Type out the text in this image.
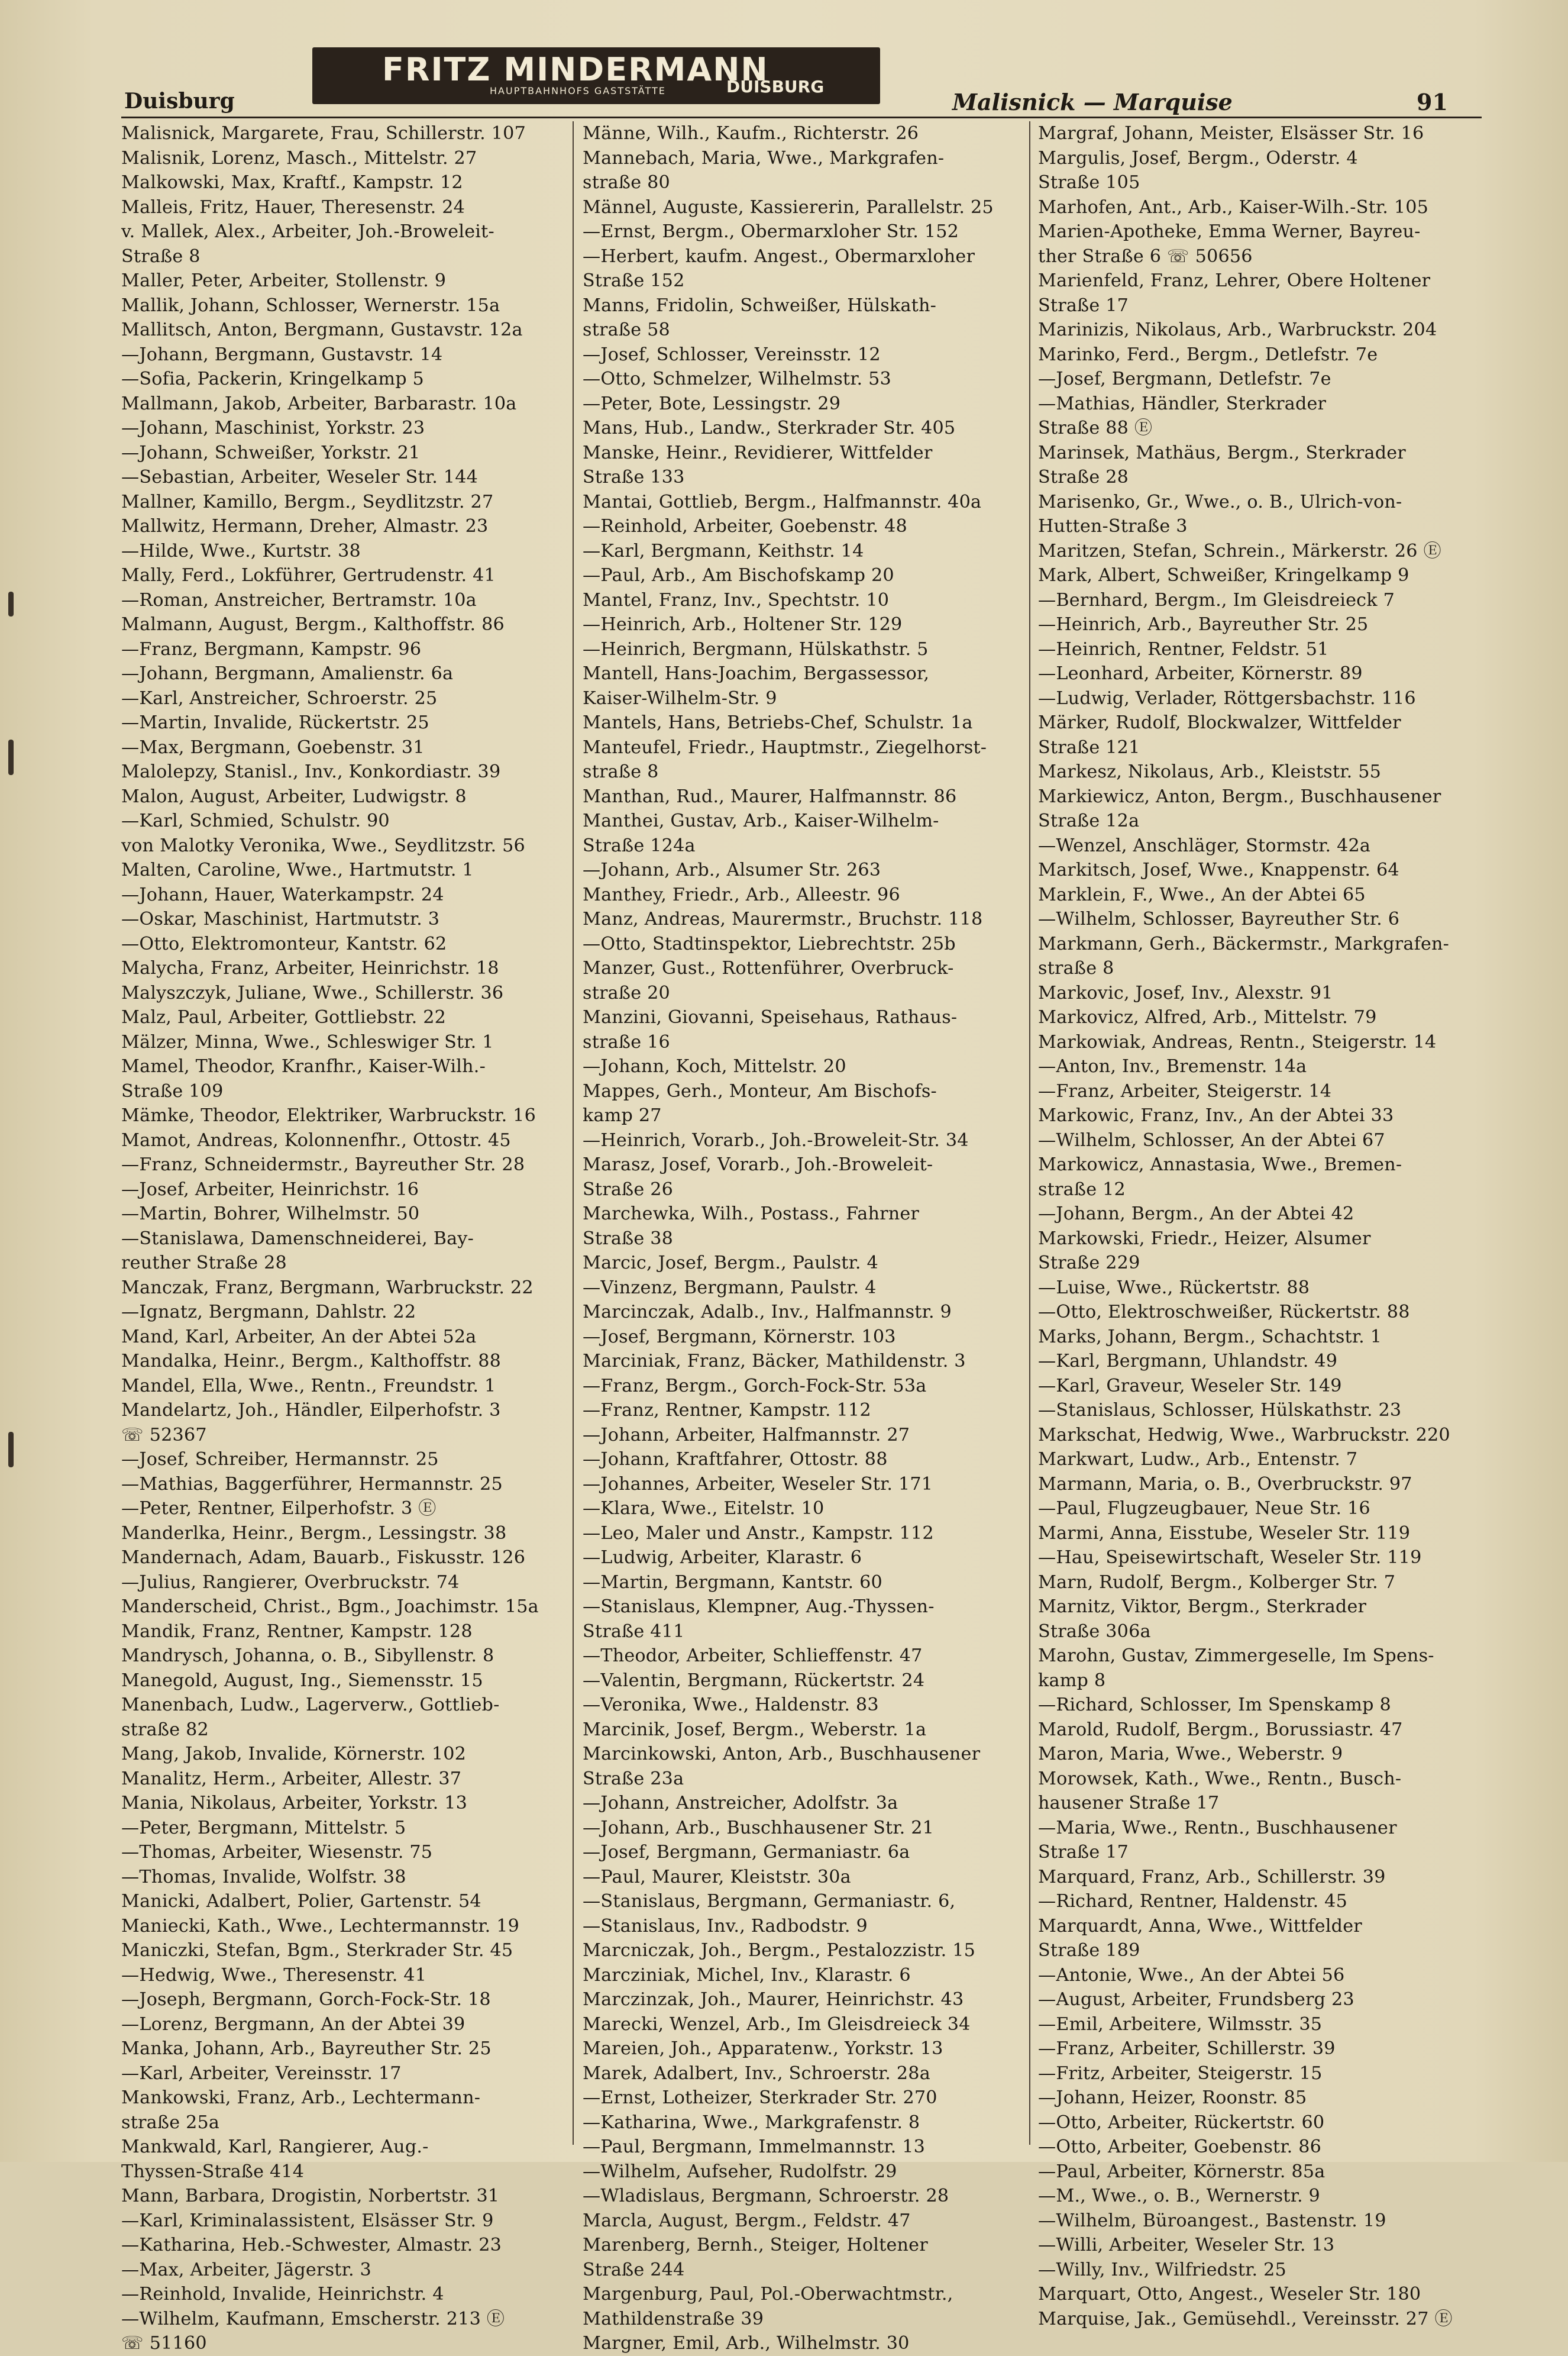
Duisburg
FRITZ MINDERMANN
HAUPTBAHNHOFS GASTSTÄTTE	DUISBURG
Malisnick — Marquise	91

Malisnick, Margarete, Frau, Schillerstr. 107

Malisnik, Lorenz, Masch., Mittelstr. 27

Malkowski, Max, Kraftf., Kampstr. 12

Malleis, Fritz, Hauer, Theresenstr. 24

v. Mallek, Alex., Arbeiter, Joh.-Broweleit-

Straße 8

Maller, Peter, Arbeiter, Stollenstr. 9

Mallik, Johann, Schlosser, Wernerstr. 15a

Mallitsch, Anton, Bergmann, Gustavstr. 12a

—Johann, Bergmann, Gustavstr. 14

—Sofia, Packerin, Kringelkamp 5

Mallmann, Jakob, Arbeiter, Barbarastr. 10a

—Johann, Maschinist, Yorkstr. 23

—Johann, Schweißer, Yorkstr. 21

—Sebastian, Arbeiter, Weseler Str. 144

Mallner, Kamillo, Bergm., Seydlitzstr. 27

Mallwitz, Hermann, Dreher, Almastr. 23

—Hilde, Wwe., Kurtstr. 38

Mally, Ferd., Lokführer, Gertrudenstr. 41

—Roman, Anstreicher, Bertramstr. 10a

Malmann, August, Bergm., Kalthoffstr. 86

—Franz, Bergmann, Kampstr. 96

—Johann, Bergmann, Amalienstr. 6a

—Karl, Anstreicher, Schroerstr. 25

—Martin, Invalide, Rückertstr. 25

—Max, Bergmann, Goebenstr. 31

Malolepzy, Stanisl., Inv., Konkordiastr. 39

Malon, August, Arbeiter, Ludwigstr. 8

—Karl, Schmied, Schulstr. 90

von Malotky Veronika, Wwe., Seydlitzstr. 56

Malten, Caroline, Wwe., Hartmutstr. 1

—Johann, Hauer, Waterkampstr. 24

—Oskar, Maschinist, Hartmutstr. 3

—Otto, Elektromonteur, Kantstr. 62

Malycha, Franz, Arbeiter, Heinrichstr. 18

Malyszczyk, Juliane, Wwe., Schillerstr. 36

Malz, Paul, Arbeiter, Gottliebstr. 22

Mälzer, Minna, Wwe., Schleswiger Str. 1

Mamel, Theodor, Kranfhr., Kaiser-Wilh.-

Straße 109

Mämke, Theodor, Elektriker, Warbruckstr. 16

Mamot, Andreas, Kolonnenfhr., Ottostr. 45

—Franz, Schneidermstr., Bayreuther Str. 28

—Josef, Arbeiter, Heinrichstr. 16

—Martin, Bohrer, Wilhelmstr. 50

—Stanislawa, Damenschneiderei, Bay-

reuther Straße 28

Manczak, Franz, Bergmann, Warbruckstr. 22

—Ignatz, Bergmann, Dahlstr. 22

Mand, Karl, Arbeiter, An der Abtei 52a

Mandalka, Heinr., Bergm., Kalthoffstr. 88

Mandel, Ella, Wwe., Rentn., Freundstr. 1

Mandelartz, Joh., Händler, Eilperhofstr. 3

☏ 52367

—Josef, Schreiber, Hermannstr. 25

—Mathias, Baggerführer, Hermannstr. 25

—Peter, Rentner, Eilperhofstr. 3 Ⓔ

Manderlka, Heinr., Bergm., Lessingstr. 38

Mandernach, Adam, Bauarb., Fiskusstr. 126

—Julius, Rangierer, Overbruckstr. 74

Manderscheid, Christ., Bgm., Joachimstr. 15a

Mandik, Franz, Rentner, Kampstr. 128

Mandrysch, Johanna, o. B., Sibyllenstr. 8

Manegold, August, Ing., Siemensstr. 15

Manenbach, Ludw., Lagerverw., Gottlieb-

straße 82

Mang, Jakob, Invalide, Körnerstr. 102

Manalitz, Herm., Arbeiter, Allestr. 37

Mania, Nikolaus, Arbeiter, Yorkstr. 13

—Peter, Bergmann, Mittelstr. 5

—Thomas, Arbeiter, Wiesenstr. 75

—Thomas, Invalide, Wolfstr. 38

Manicki, Adalbert, Polier, Gartenstr. 54

Maniecki, Kath., Wwe., Lechtermannstr. 19

Maniczki, Stefan, Bgm., Sterkrader Str. 45

—Hedwig, Wwe., Theresenstr. 41

—Joseph, Bergmann, Gorch-Fock-Str. 18

—Lorenz, Bergmann, An der Abtei 39

Manka, Johann, Arb., Bayreuther Str. 25

—Karl, Arbeiter, Vereinsstr. 17

Mankowski, Franz, Arb., Lechtermann-

straße 25a

Mankwald, Karl, Rangierer, Aug.-

Thyssen-Straße 414

Mann, Barbara, Drogistin, Norbertstr. 31

—Karl, Kriminalassistent, Elsässer Str. 9

—Katharina, Heb.-Schwester, Almastr. 23

—Max, Arbeiter, Jägerstr. 3

—Reinhold, Invalide, Heinrichstr. 4

—Wilhelm, Kaufmann, Emscherstr. 213 Ⓔ

☏ 51160

Männe, Wilh., Kaufm., Richterstr. 26

Mannebach, Maria, Wwe., Markgrafen-

straße 80

Männel, Auguste, Kassiererin, Parallelstr. 25

—Ernst, Bergm., Obermarxloher Str. 152

—Herbert, kaufm. Angest., Obermarxloher

Straße 152

Manns, Fridolin, Schweißer, Hülskath-

straße 58

—Josef, Schlosser, Vereinsstr. 12

—Otto, Schmelzer, Wilhelmstr. 53

—Peter, Bote, Lessingstr. 29

Mans, Hub., Landw., Sterkrader Str. 405

Manske, Heinr., Revidierer, Wittfelder

Straße 133

Mantai, Gottlieb, Bergm., Halfmannstr. 40a

—Reinhold, Arbeiter, Goebenstr. 48

—Karl, Bergmann, Keithstr. 14

—Paul, Arb., Am Bischofskamp 20

Mantel, Franz, Inv., Spechtstr. 10

—Heinrich, Arb., Holtener Str. 129

—Heinrich, Bergmann, Hülskathstr. 5

Mantell, Hans-Joachim, Bergassessor,

Kaiser-Wilhelm-Str. 9

Mantels, Hans, Betriebs-Chef, Schulstr. 1a

Manteufel, Friedr., Hauptmstr., Ziegelhorst-

straße 8

Manthan, Rud., Maurer, Halfmannstr. 86

Manthei, Gustav, Arb., Kaiser-Wilhelm-

Straße 124a

—Johann, Arb., Alsumer Str. 263

Manthey, Friedr., Arb., Alleestr. 96

Manz, Andreas, Maurermstr., Bruchstr. 118

—Otto, Stadtinspektor, Liebrechtstr. 25b

Manzer, Gust., Rottenführer, Overbruck-

straße 20

Manzini, Giovanni, Speisehaus, Rathaus-

straße 16

—Johann, Koch, Mittelstr. 20

Mappes, Gerh., Monteur, Am Bischofs-

kamp 27

—Heinrich, Vorarb., Joh.-Broweleit-Str. 34

Marasz, Josef, Vorarb., Joh.-Broweleit-

Straße 26

Marchewka, Wilh., Postass., Fahrner

Straße 38

Marcic, Josef, Bergm., Paulstr. 4

—Vinzenz, Bergmann, Paulstr. 4

Marcinczak, Adalb., Inv., Halfmannstr. 9

—Josef, Bergmann, Körnerstr. 103

Marciniak, Franz, Bäcker, Mathildenstr. 3

—Franz, Bergm., Gorch-Fock-Str. 53a

—Franz, Rentner, Kampstr. 112

—Johann, Arbeiter, Halfmannstr. 27

—Johann, Kraftfahrer, Ottostr. 88

—Johannes, Arbeiter, Weseler Str. 171

—Klara, Wwe., Eitelstr. 10

—Leo, Maler und Anstr., Kampstr. 112

—Ludwig, Arbeiter, Klarastr. 6

—Martin, Bergmann, Kantstr. 60

—Stanislaus, Klempner, Aug.-Thyssen-

Straße 411

—Theodor, Arbeiter, Schlieffenstr. 47

—Valentin, Bergmann, Rückertstr. 24

—Veronika, Wwe., Haldenstr. 83

Marcinik, Josef, Bergm., Weberstr. 1a

Marcinkowski, Anton, Arb., Buschhausener

Straße 23a

—Johann, Anstreicher, Adolfstr. 3a

—Johann, Arb., Buschhausener Str. 21

—Josef, Bergmann, Germaniastr. 6a

—Paul, Maurer, Kleiststr. 30a

—Stanislaus, Bergmann, Germaniastr. 6,

—Stanislaus, Inv., Radbodstr. 9

Marcniczak, Joh., Bergm., Pestalozzistr. 15

Marcziniak, Michel, Inv., Klarastr. 6

Marczinzak, Joh., Maurer, Heinrichstr. 43

Marecki, Wenzel, Arb., Im Gleisdreieck 34

Mareien, Joh., Apparatenw., Yorkstr. 13

Marek, Adalbert, Inv., Schroerstr. 28a

—Ernst, Lotheizer, Sterkrader Str. 270

—Katharina, Wwe., Markgrafenstr. 8

—Paul, Bergmann, Immelmannstr. 13

—Wilhelm, Aufseher, Rudolfstr. 29

—Wladislaus, Bergmann, Schroerstr. 28

Marcla, August, Bergm., Feldstr. 47

Marenberg, Bernh., Steiger, Holtener

Straße 244

Margenburg, Paul, Pol.-Oberwachtmstr.,

Mathildenstraße 39

Margner, Emil, Arb., Wilhelmstr. 30

Margraf, Johann, Meister, Elsässer Str. 16

Margulis, Josef, Bergm., Oderstr. 4

Straße 105

Marhofen, Ant., Arb., Kaiser-Wilh.-Str. 105

Marien-Apotheke, Emma Werner, Bayreu-

ther Straße 6 ☏ 50656

Marienfeld, Franz, Lehrer, Obere Holtener

Straße 17

Marinizis, Nikolaus, Arb., Warbruckstr. 204

Marinko, Ferd., Bergm., Detlefstr. 7e

—Josef, Bergmann, Detlefstr. 7e

—Mathias, Händler, Sterkrader

Straße 88 Ⓔ

Marinsek, Mathäus, Bergm., Sterkrader

Straße 28

Marisenko, Gr., Wwe., o. B., Ulrich-von-

Hutten-Straße 3

Maritzen, Stefan, Schrein., Märkerstr. 26 Ⓔ

Mark, Albert, Schweißer, Kringelkamp 9

—Bernhard, Bergm., Im Gleisdreieck 7

—Heinrich, Arb., Bayreuther Str. 25

—Heinrich, Rentner, Feldstr. 51

—Leonhard, Arbeiter, Körnerstr. 89

—Ludwig, Verlader, Röttgersbachstr. 116

Märker, Rudolf, Blockwalzer, Wittfelder

Straße 121

Markesz, Nikolaus, Arb., Kleiststr. 55

Markiewicz, Anton, Bergm., Buschhausener

Straße 12a

—Wenzel, Anschläger, Stormstr. 42a

Markitsch, Josef, Wwe., Knappenstr. 64

Marklein, F., Wwe., An der Abtei 65

—Wilhelm, Schlosser, Bayreuther Str. 6

Markmann, Gerh., Bäckermstr., Markgrafen-

straße 8

Markovic, Josef, Inv., Alexstr. 91

Markovicz, Alfred, Arb., Mittelstr. 79

Markowiak, Andreas, Rentn., Steigerstr. 14

—Anton, Inv., Bremenstr. 14a

—Franz, Arbeiter, Steigerstr. 14

Markowic, Franz, Inv., An der Abtei 33

—Wilhelm, Schlosser, An der Abtei 67

Markowicz, Annastasia, Wwe., Bremen-

straße 12

—Johann, Bergm., An der Abtei 42

Markowski, Friedr., Heizer, Alsumer

Straße 229

—Luise, Wwe., Rückertstr. 88

—Otto, Elektroschweißer, Rückertstr. 88

Marks, Johann, Bergm., Schachtstr. 1

—Karl, Bergmann, Uhlandstr. 49

—Karl, Graveur, Weseler Str. 149

—Stanislaus, Schlosser, Hülskathstr. 23

Markschat, Hedwig, Wwe., Warbruckstr. 220

Markwart, Ludw., Arb., Entenstr. 7

Marmann, Maria, o. B., Overbruckstr. 97

—Paul, Flugzeugbauer, Neue Str. 16

Marmi, Anna, Eisstube, Weseler Str. 119

—Hau, Speisewirtschaft, Weseler Str. 119

Marn, Rudolf, Bergm., Kolberger Str. 7

Marnitz, Viktor, Bergm., Sterkrader

Straße 306a

Marohn, Gustav, Zimmergeselle, Im Spens-

kamp 8

—Richard, Schlosser, Im Spenskamp 8

Marold, Rudolf, Bergm., Borussiastr. 47

Maron, Maria, Wwe., Weberstr. 9

Morowsek, Kath., Wwe., Rentn., Busch-

hausener Straße 17

—Maria, Wwe., Rentn., Buschhausener

Straße 17

Marquard, Franz, Arb., Schillerstr. 39

—Richard, Rentner, Haldenstr. 45

Marquardt, Anna, Wwe., Wittfelder

Straße 189

—Antonie, Wwe., An der Abtei 56

—August, Arbeiter, Frundsberg 23

—Emil, Arbeitere, Wilmsstr. 35

—Franz, Arbeiter, Schillerstr. 39

—Fritz, Arbeiter, Steigerstr. 15

—Johann, Heizer, Roonstr. 85

—Otto, Arbeiter, Rückertstr. 60

—Otto, Arbeiter, Goebenstr. 86

—Paul, Arbeiter, Körnerstr. 85a

—M., Wwe., o. B., Wernerstr. 9

—Wilhelm, Büroangest., Bastenstr. 19

—Willi, Arbeiter, Weseler Str. 13

—Willy, Inv., Wilfriedstr. 25

Marquart, Otto, Angest., Weseler Str. 180

Marquise, Jak., Gemüsehdl., Vereinsstr. 27 Ⓔ
